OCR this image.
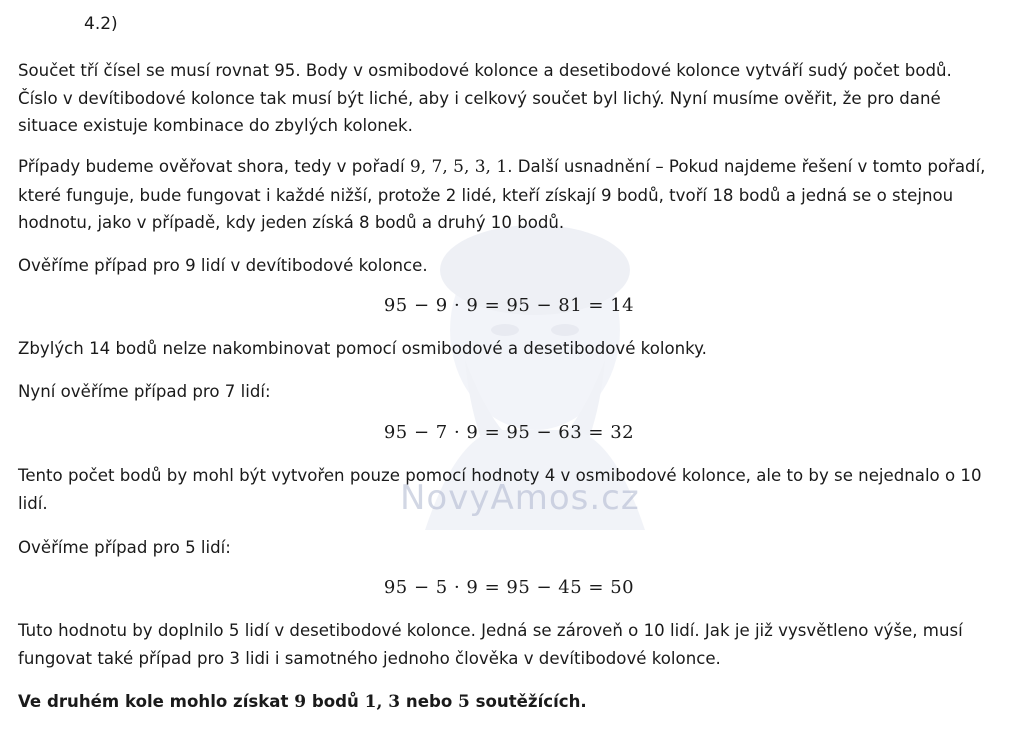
NovyAmos.cz
4.2)

Součet tří čísel se musí rovnat 95. Body v osmibodové kolonce a desetibodové kolonce vytváří sudý počet bodů. Číslo v devítibodové kolonce tak musí být liché, aby i celkový součet byl lichý. Nyní musíme ověřit, že pro dané situace existuje kombinace do zbylých kolonek.

Případy budeme ověřovat shora, tedy v pořadí 9, 7, 5, 3, 1. Další usnadnění – Pokud najdeme řešení v tomto pořadí, které funguje, bude fungovat i každé nižší, protože 2 lidé, kteří získají 9 bodů, tvoří 18 bodů a jedná se o stejnou hodnotu, jako v případě, kdy jeden získá 8 bodů a druhý 10 bodů.

Ověříme případ pro 9 lidí v devítibodové kolonce.

95 − 9 · 9 = 95 − 81 = 14

Zbylých 14 bodů nelze nakombinovat pomocí osmibodové a desetibodové kolonky.

Nyní ověříme případ pro 7 lidí:

95 − 7 · 9 = 95 − 63 = 32

Tento počet bodů by mohl být vytvořen pouze pomocí hodnoty 4 v osmibodové kolonce, ale to by se nejednalo o 10 lidí.

Ověříme případ pro 5 lidí:

95 − 5 · 9 = 95 − 45 = 50

Tuto hodnotu by doplnilo 5 lidí v desetibodové kolonce. Jedná se zároveň o 10 lidí. Jak je již vysvětleno výše, musí fungovat také případ pro 3 lidi i samotného jednoho člověka v devítibodové kolonce.

Ve druhém kole mohlo získat 9 bodů 1, 3 nebo 5 soutěžících.
